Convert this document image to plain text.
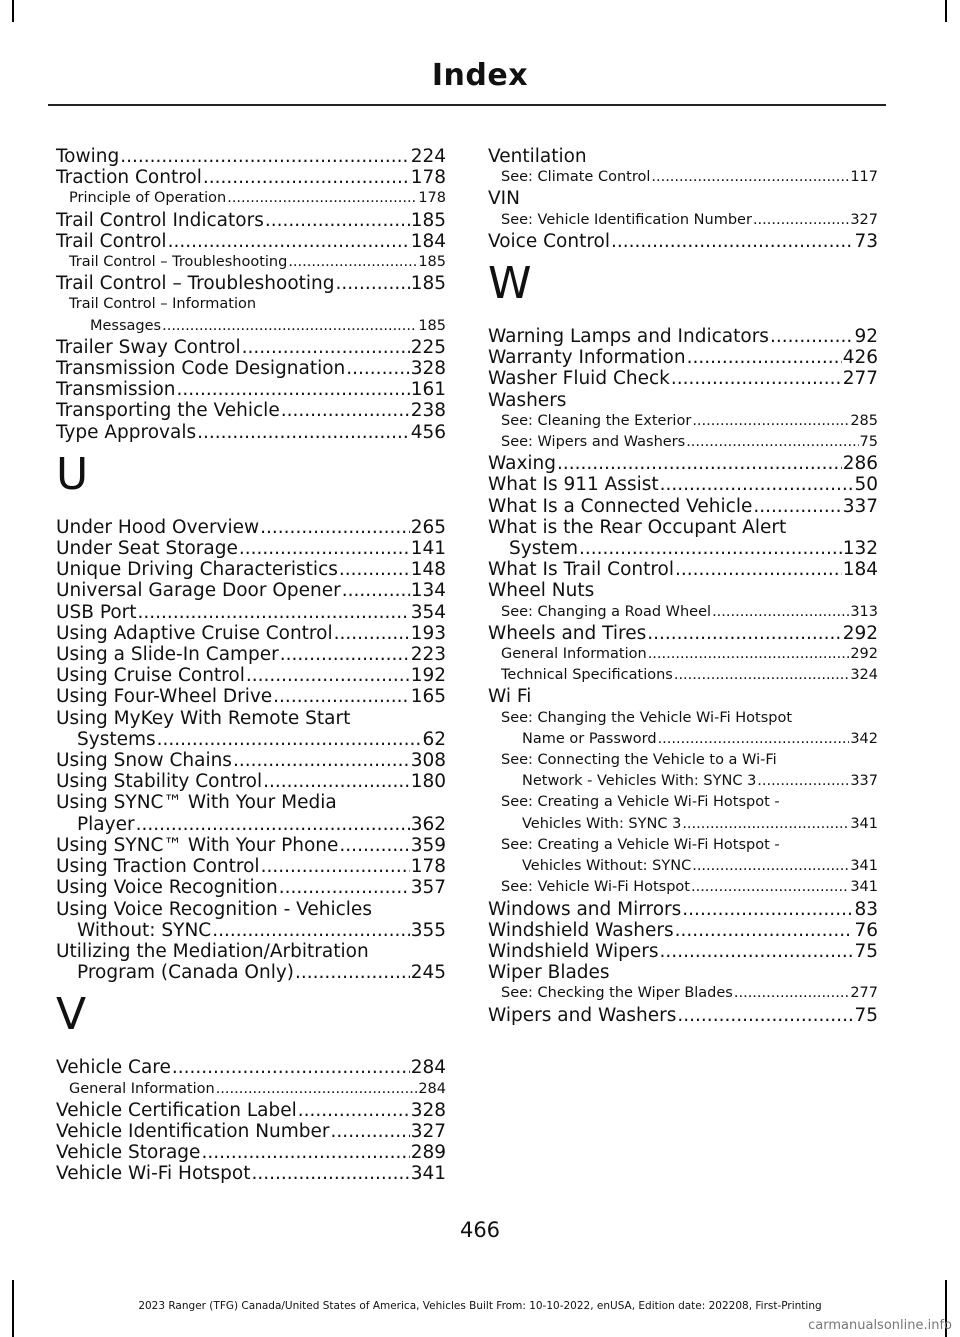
Index
Towing .....	224
Traction Control .....	178
Principle of Operation .....	178
Trail Control Indicators .....	185
Trail Control .....	184
Trail Control – Troubleshooting .....	185
Trail Control – Troubleshooting .....	185
Trail Control – Information
Messages .....	185
Trailer Sway Control .....	225
Transmission Code Designation .....	328
Transmission .....	161
Transporting the Vehicle .....	238
Type Approvals .....	456
U
Under Hood Overview .....	265
Under Seat Storage .....	141
Unique Driving Characteristics .....	148
Universal Garage Door Opener .....	134
USB Port .....	354
Using Adaptive Cruise Control .....	193
Using a Slide-In Camper .....	223
Using Cruise Control .....	192
Using Four-Wheel Drive .....	165
Using MyKey With Remote Start
Systems .....	62
Using Snow Chains .....	308
Using Stability Control .....	180
Using SYNC™ With Your Media
Player .....	362
Using SYNC™ With Your Phone .....	359
Using Traction Control .....	178
Using Voice Recognition .....	357
Using Voice Recognition - Vehicles
Without: SYNC .....	355
Utilizing the Mediation/Arbitration
Program (Canada Only) .....	245
V
Vehicle Care .....	284
General Information .....	284
Vehicle Certification Label .....	328
Vehicle Identification Number .....	327
Vehicle Storage .....	289
Vehicle Wi-Fi Hotspot .....	341
Ventilation
See: Climate Control .....	117
VIN
See: Vehicle Identification Number .....	327
Voice Control .....	73
W
Warning Lamps and Indicators .....	92
Warranty Information .....	426
Washer Fluid Check .....	277
Washers
See: Cleaning the Exterior .....	285
See: Wipers and Washers .....	75
Waxing .....	286
What Is 911 Assist .....	50
What Is a Connected Vehicle .....	337
What is the Rear Occupant Alert
System .....	132
What Is Trail Control .....	184
Wheel Nuts
See: Changing a Road Wheel .....	313
Wheels and Tires .....	292
General Information .....	292
Technical Specifications .....	324
Wi Fi
See: Changing the Vehicle Wi-Fi Hotspot
Name or Password .....	342
See: Connecting the Vehicle to a Wi-Fi
Network - Vehicles With: SYNC 3 .....	337
See: Creating a Vehicle Wi-Fi Hotspot -
Vehicles With: SYNC 3 .....	341
See: Creating a Vehicle Wi-Fi Hotspot -
Vehicles Without: SYNC .....	341
See: Vehicle Wi-Fi Hotspot .....	341
Windows and Mirrors .....	83
Windshield Washers .....	76
Windshield Wipers .....	75
Wiper Blades
See: Checking the Wiper Blades .....	277
Wipers and Washers .....	75
466
2023 Ranger (TFG) Canada/United States of America, Vehicles Built From: 10-10-2022, enUSA, Edition date: 202208, First-Printing
carmanualsonline.info
